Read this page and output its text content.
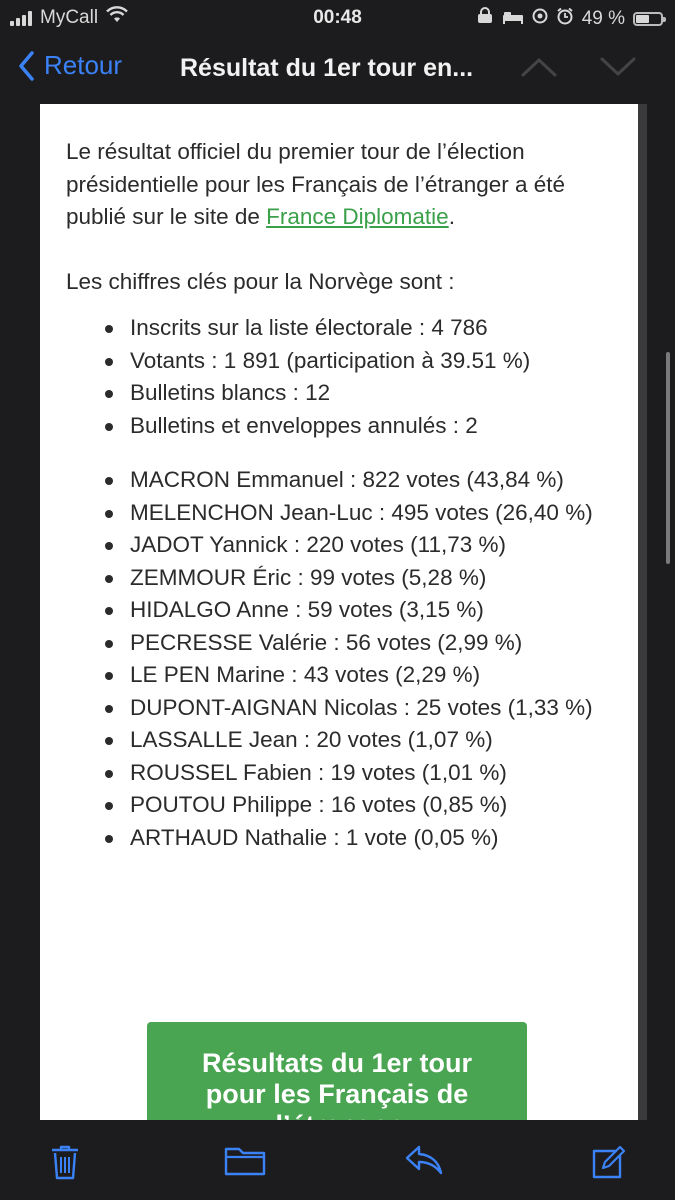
MyCall	00:48	49 %
Retour Résultat du 1er tour en...

Le résultat officiel du premier tour de l’élection présidentielle pour les Français de l’étranger a été publié sur le site de France Diplomatie.

Les chiffres clés pour la Norvège sont :

Inscrits sur la liste électorale : 4 786
Votants : 1 891 (participation à 39.51 %)
Bulletins blancs : 12
Bulletins et enveloppes annulés : 2
MACRON Emmanuel : 822 votes (43,84 %)
MELENCHON Jean-Luc : 495 votes (26,40 %)
JADOT Yannick : 220 votes (11,73 %)
ZEMMOUR Éric : 99 votes (5,28 %)
HIDALGO Anne : 59 votes (3,15 %)
PECRESSE Valérie : 56 votes (2,99 %)
LE PEN Marine : 43 votes (2,29 %)
DUPONT-AIGNAN Nicolas : 25 votes (1,33 %)
LASSALLE Jean : 20 votes (1,07 %)
ROUSSEL Fabien : 19 votes (1,01 %)
POUTOU Philippe : 16 votes (0,85 %)
ARTHAUD Nathalie : 1 vote (0,05 %)
Résultats du 1er tour pour les Français de
